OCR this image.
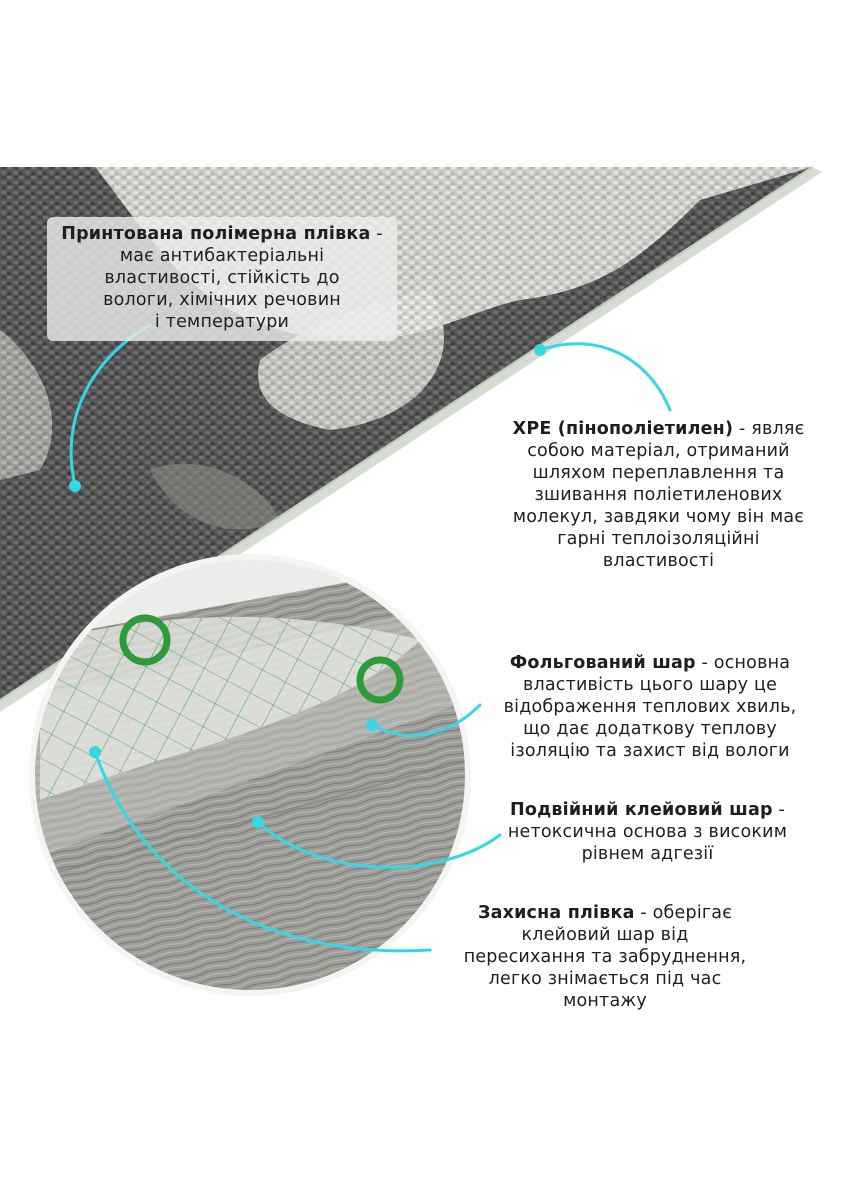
Принтована полімерна плівка - має антибактеріальні
властивості, стійкість до
вологи, хімічних речовин
і температури
XPE (пінополіетилен) - являє
собою матеріал, отриманий
шляхом переплавлення та
зшивання поліетиленових
молекул, завдяки чому він має
гарні теплоізоляційні
властивості
Фольгований шар - основна
властивість цього шару це
відображення теплових хвиль,
що дає додаткову теплову
ізоляцію та захист від вологи
Подвійний клейовий шар -
нетоксична основа з високим
рівнем адгезії
Захисна плівка - оберігає
клейовий шар від
пересихання та забруднення,
легко знімається під час
монтажу
